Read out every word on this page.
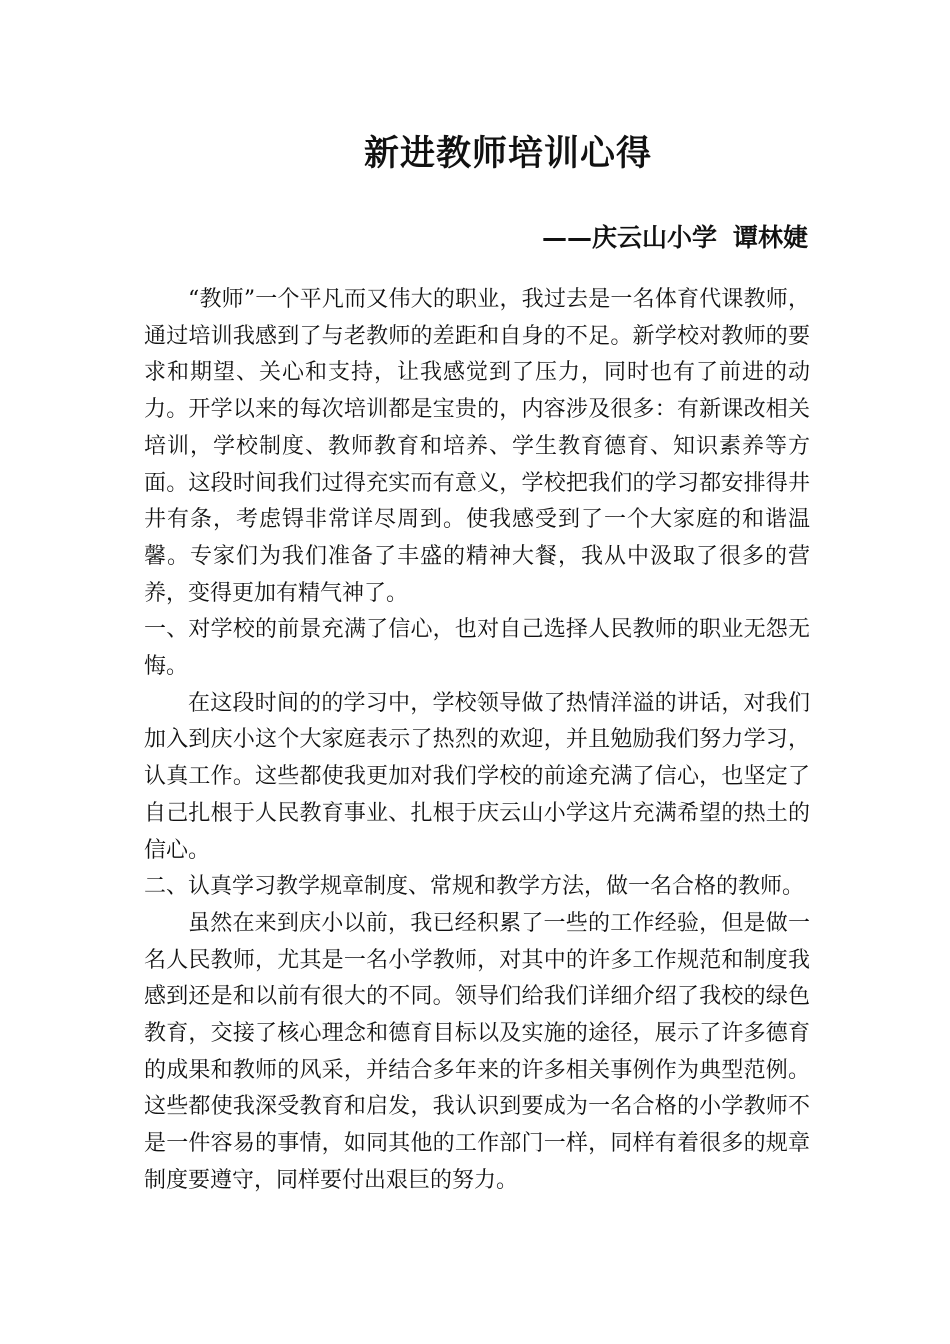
新进教师培训心得
——庆云山小学 谭林婕

“教师”一个平凡而又伟大的职业，我过去是一名体育代课教师，通过培训我感到了与老教师的差距和自身的不足。新学校对教师的要求和期望、关心和支持，让我感觉到了压力，同时也有了前进的动力。开学以来的每次培训都是宝贵的，内容涉及很多：有新课改相关培训，学校制度、教师教育和培养、学生教育德育、知识素养等方面。这段时间我们过得充实而有意义，学校把我们的学习都安排得井井有条，考虑锝非常详尽周到。使我感受到了一个大家庭的和谐温馨。专家们为我们准备了丰盛的精神大餐，我从中汲取了很多的营养，变得更加有精气神了。

一、对学校的前景充满了信心，也对自己选择人民教师的职业无怨无悔。

在这段时间的的学习中，学校领导做了热情洋溢的讲话，对我们加入到庆小这个大家庭表示了热烈的欢迎，并且勉励我们努力学习，认真工作。这些都使我更加对我们学校的前途充满了信心，也坚定了自己扎根于人民教育事业、扎根于庆云山小学这片充满希望的热土的信心。

二、认真学习教学规章制度、常规和教学方法，做一名合格的教师。

虽然在来到庆小以前，我已经积累了一些的工作经验，但是做一名人民教师，尤其是一名小学教师，对其中的许多工作规范和制度我感到还是和以前有很大的不同。领导们给我们详细介绍了我校的绿色教育，交接了核心理念和德育目标以及实施的途径，展示了许多德育的成果和教师的风采，并结合多年来的许多相关事例作为典型范例。这些都使我深受教育和启发，我认识到要成为一名合格的小学教师不是一件容易的事情，如同其他的工作部门一样，同样有着很多的规章制度要遵守，同样要付出艰巨的努力。
